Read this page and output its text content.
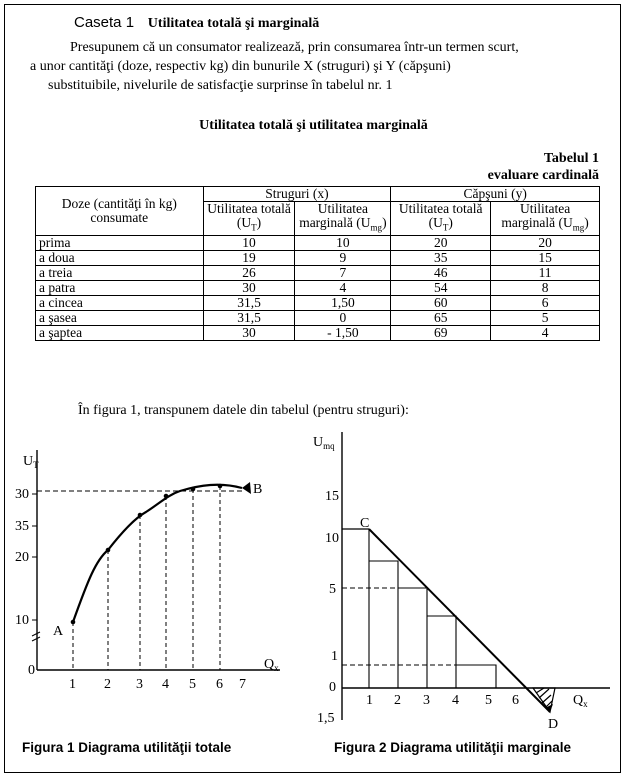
Caseta 1 Utilitatea totală şi marginală

Presupunem că un consumator realizează, prin consumarea într-un termen scurt,

a unor cantităţi (doze, respectiv kg) din bunurile X (struguri) şi Y (căpşuni)

substituibile, nivelurile de satisfacţie surprinse în tabelul nr. 1

Utilitatea totală şi utilitatea marginală
Tabelul 1
evaluare cardinală
Doze (cantităţi în kg) consumate	Struguri (x)		Căpşuni (y)	
	Utilitatea totală $(U_T)$	Utilitatea marginală $(U_{mg})$	Utilitatea totală $(U_T)$	Utilitatea marginală $(U_{mg})$
prima	10	10	20	20
a doua	19	9	35	15
a treia	26	7	46	11
a patra	30	4	54	8
a cincea	31,5	1,50	60	6
a şasea	31,5	0	65	5
a şaptea	30	- 1,50	69	4
În figura 1, transpunem datele din tabelul (pentru struguri):
$U_T$
$Q_x$
10
20
35
30
0
1 2 3 4 5 6 7
A
B
$U_{mq}$
$Q_x$
15
10
5
1
0
1,5
1 2 3 4 5 6
C
D
Figura 1 Diagrama utilităţii totale	Figura 2 Diagrama utilităţii marginale
